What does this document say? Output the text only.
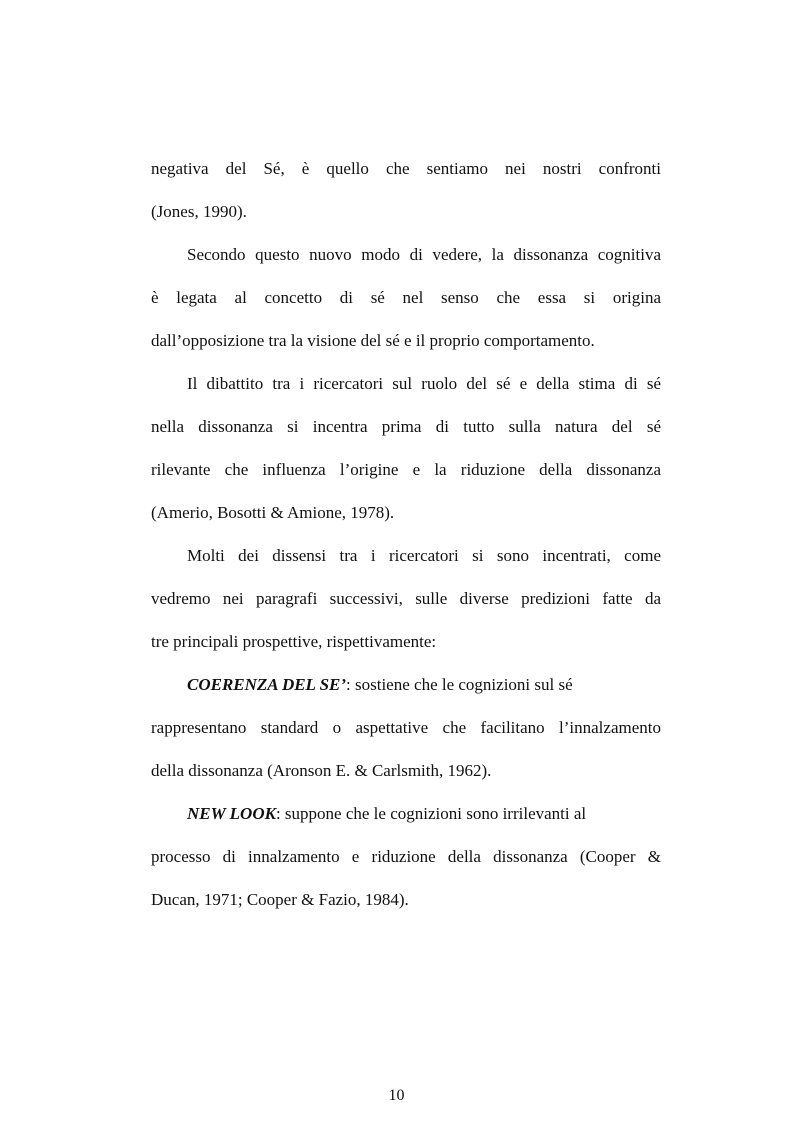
negativa del Sé, è quello che sentiamo nei nostri confronti
(Jones, 1990).
Secondo questo nuovo modo di vedere, la dissonanza cognitiva
è legata al concetto di sé nel senso che essa si origina
dall’opposizione tra la visione del sé e il proprio comportamento.
Il dibattito tra i ricercatori sul ruolo del sé e della stima di sé
nella dissonanza si incentra prima di tutto sulla natura del sé
rilevante che influenza l’origine e la riduzione della dissonanza
(Amerio, Bosotti & Amione, 1978).
Molti dei dissensi tra i ricercatori si sono incentrati, come
vedremo nei paragrafi successivi, sulle diverse predizioni fatte da
tre principali prospettive, rispettivamente:
COERENZA DEL SE’: sostiene che le cognizioni sul sé
rappresentano standard o aspettative che facilitano l’innalzamento
della dissonanza (Aronson E. & Carlsmith, 1962).
NEW LOOK: suppone che le cognizioni sono irrilevanti al
processo di innalzamento e riduzione della dissonanza (Cooper &
Ducan, 1971; Cooper & Fazio, 1984).
10
